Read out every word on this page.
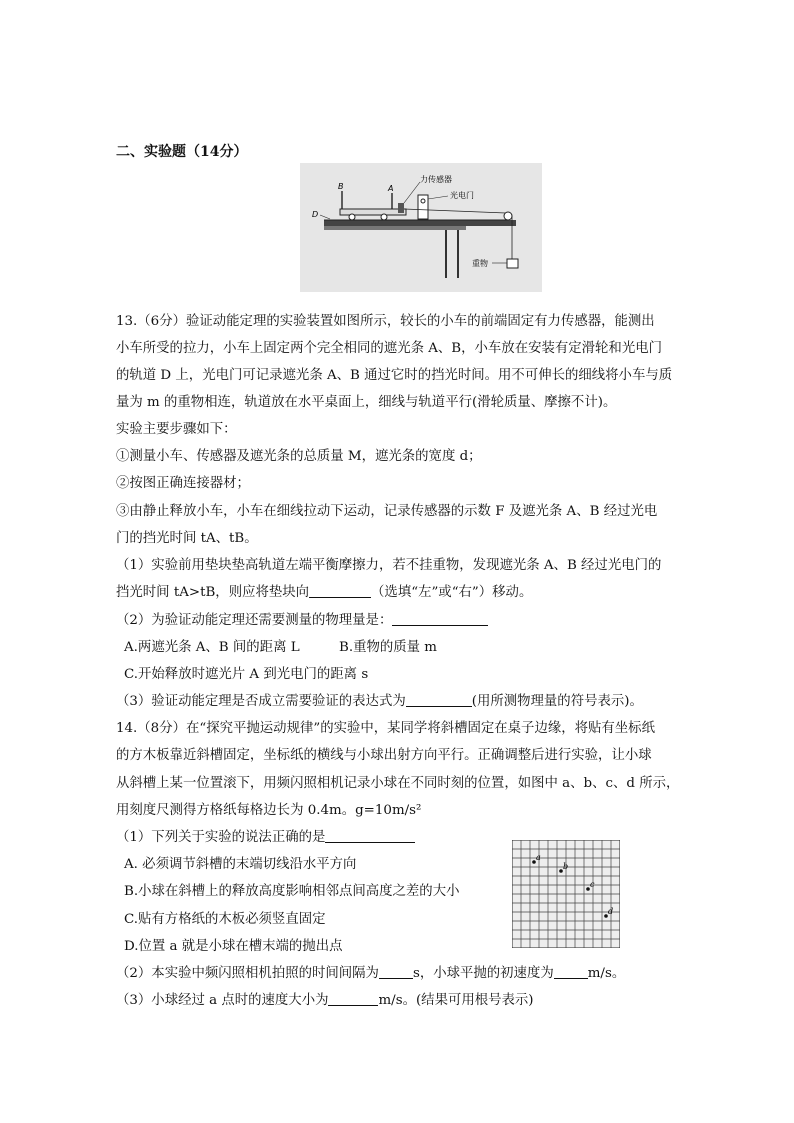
二、实验题（14分）
B	A
D
力传感器
光电门
重物
13.（6分）验证动能定理的实验装置如图所示，较长的小车的前端固定有力传感器，能测出
小车所受的拉力，小车上固定两个完全相同的遮光条 A、B，小车放在安装有定滑轮和光电门
的轨道 D 上，光电门可记录遮光条 A、B 通过它时的挡光时间。用不可伸长的细线将小车与质
量为 m 的重物相连，轨道放在水平桌面上，细线与轨道平行(滑轮质量、摩擦不计)。
实验主要步骤如下：
①测量小车、传感器及遮光条的总质量 M，遮光条的宽度 d；
②按图正确连接器材；
③由静止释放小车，小车在细线拉动下运动，记录传感器的示数 F 及遮光条 A、B 经过光电
门的挡光时间 tA、tB。
（1）实验前用垫块垫高轨道左端平衡摩擦力，若不挂重物，发现遮光条 A、B 经过光电门的
挡光时间 tA>tB，则应将垫块向	（选填“左”或“右”）移动。
（2）为验证动能定理还需要测量的物理量是：
A.两遮光条 A、B 间的距离 L	B.重物的质量 m
C.开始释放时遮光片 A 到光电门的距离 s
（3）验证动能定理是否成立需要验证的表达式为	(用所测物理量的符号表示)。
14.（8分）在“探究平抛运动规律”的实验中，某同学将斜槽固定在桌子边缘，将贴有坐标纸
的方木板靠近斜槽固定，坐标纸的横线与小球出射方向平行。正确调整后进行实验，让小球
从斜槽上某一位置滚下，用频闪照相机记录小球在不同时刻的位置，如图中 a、b、c、d 所示，
用刻度尺测得方格纸每格边长为 0.4m。g=10m/s²
（1）下列关于实验的说法正确的是
A. 必须调节斜槽的末端切线沿水平方向
B.小球在斜槽上的释放高度影响相邻点间高度之差的大小
C.贴有方格纸的木板必须竖直固定
D.位置 a 就是小球在槽末端的抛出点
（2）本实验中频闪照相机拍照的时间间隔为	s，小球平抛的初速度为	m/s。
（3）小球经过 a 点时的速度大小为	m/s。(结果可用根号表示)
a
b
c
d
